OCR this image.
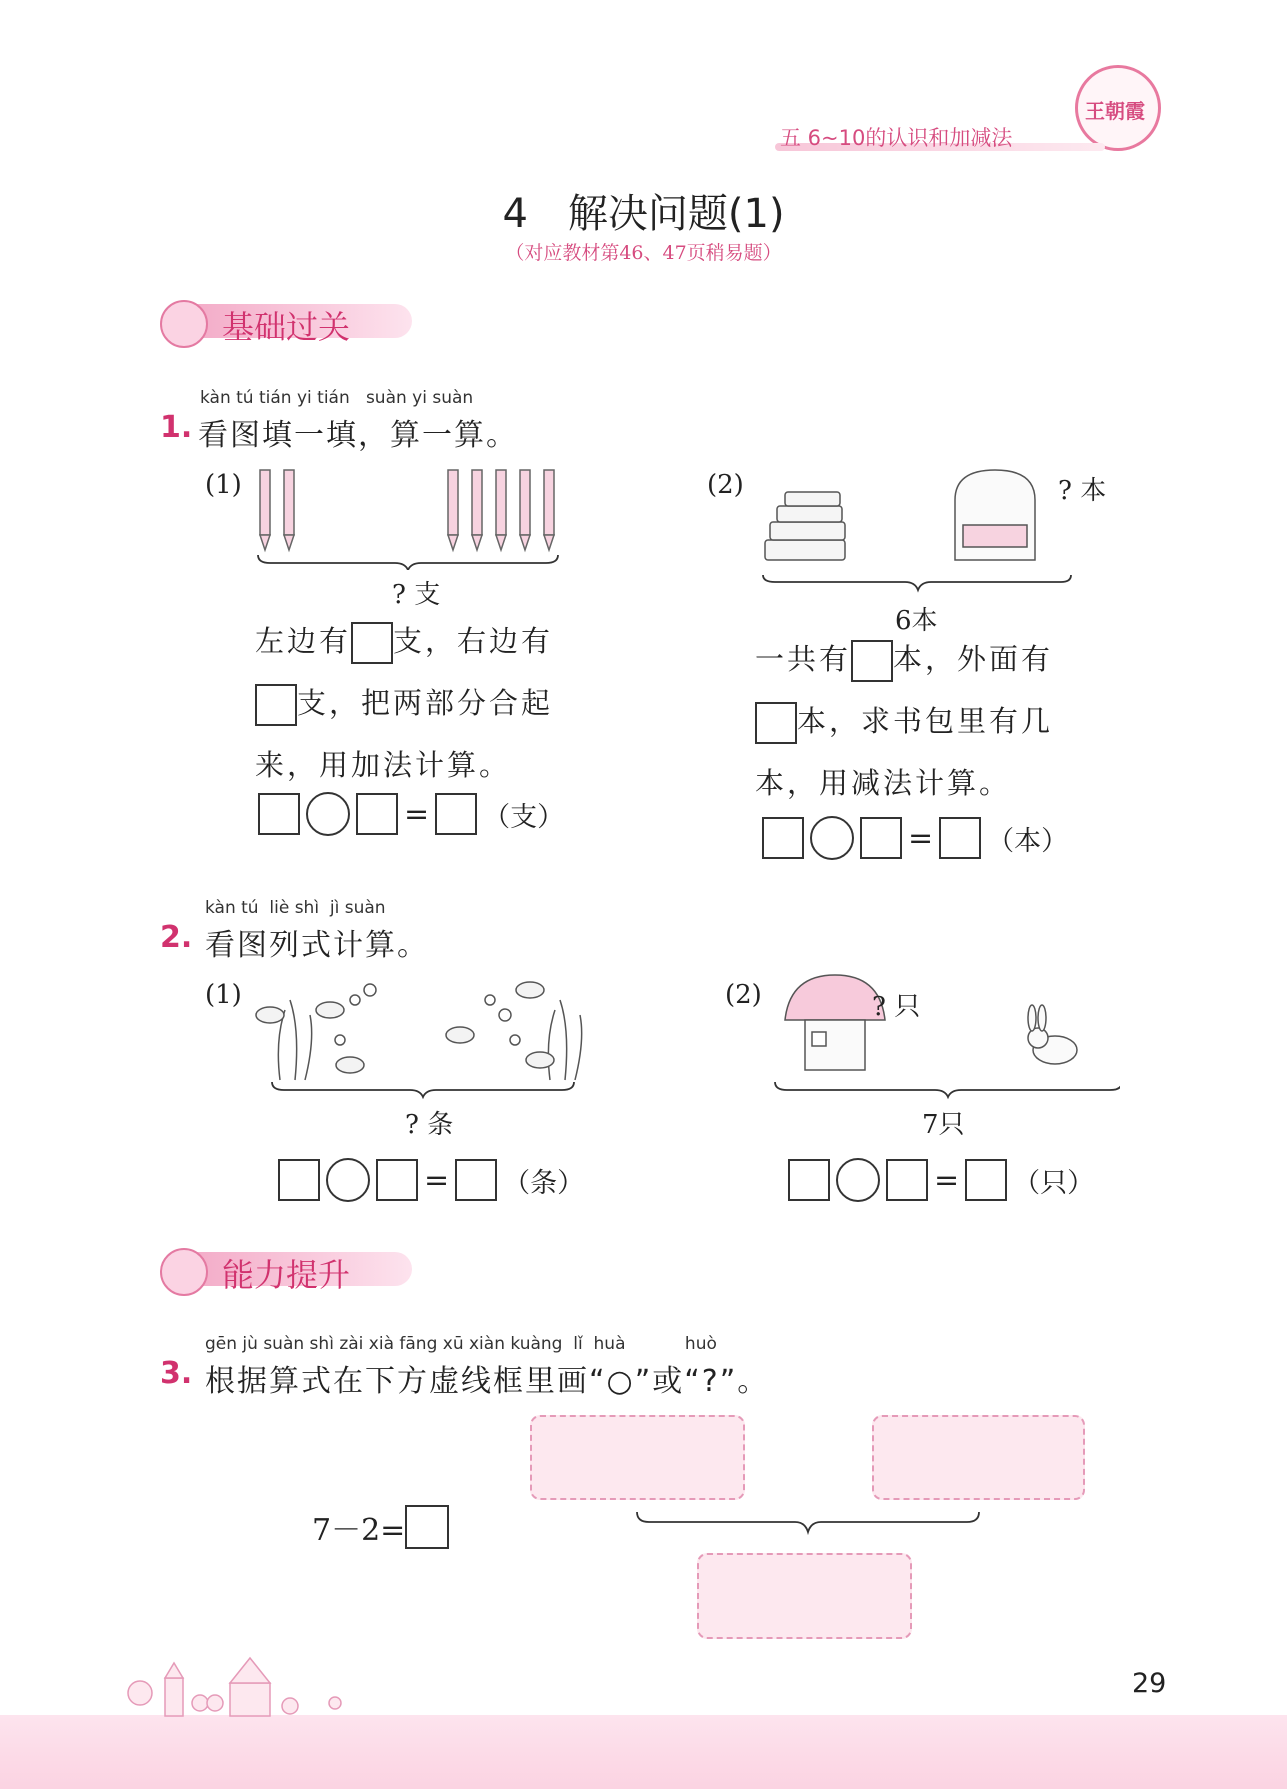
王朝霞
五 6~10的认识和加减法
4　解决问题(1)
（对应教材第46、47页稍易题）
基础过关
kàn tú tián yi tián   suàn yi suàn
1. 看图填一填，算一算。
(1)
? 支
左边有 支，右边有
支，把两部分合起
来，用加法计算。
= （支）
(2)	? 本
6本
一共有 本，外面有
本，求书包里有几
本，用减法计算。
= （本）
kàn tú  liè shì  jì suàn
2. 看图列式计算。
(1)
? 条
= （条）
(2)	? 只
7只
= （只）
能力提升
gēn jù suàn shì zài xià fāng xū xiàn kuàng  lǐ  huà           huò
3. 根据算式在下方虚线框里画“○”或“?”。
7－2=
29
